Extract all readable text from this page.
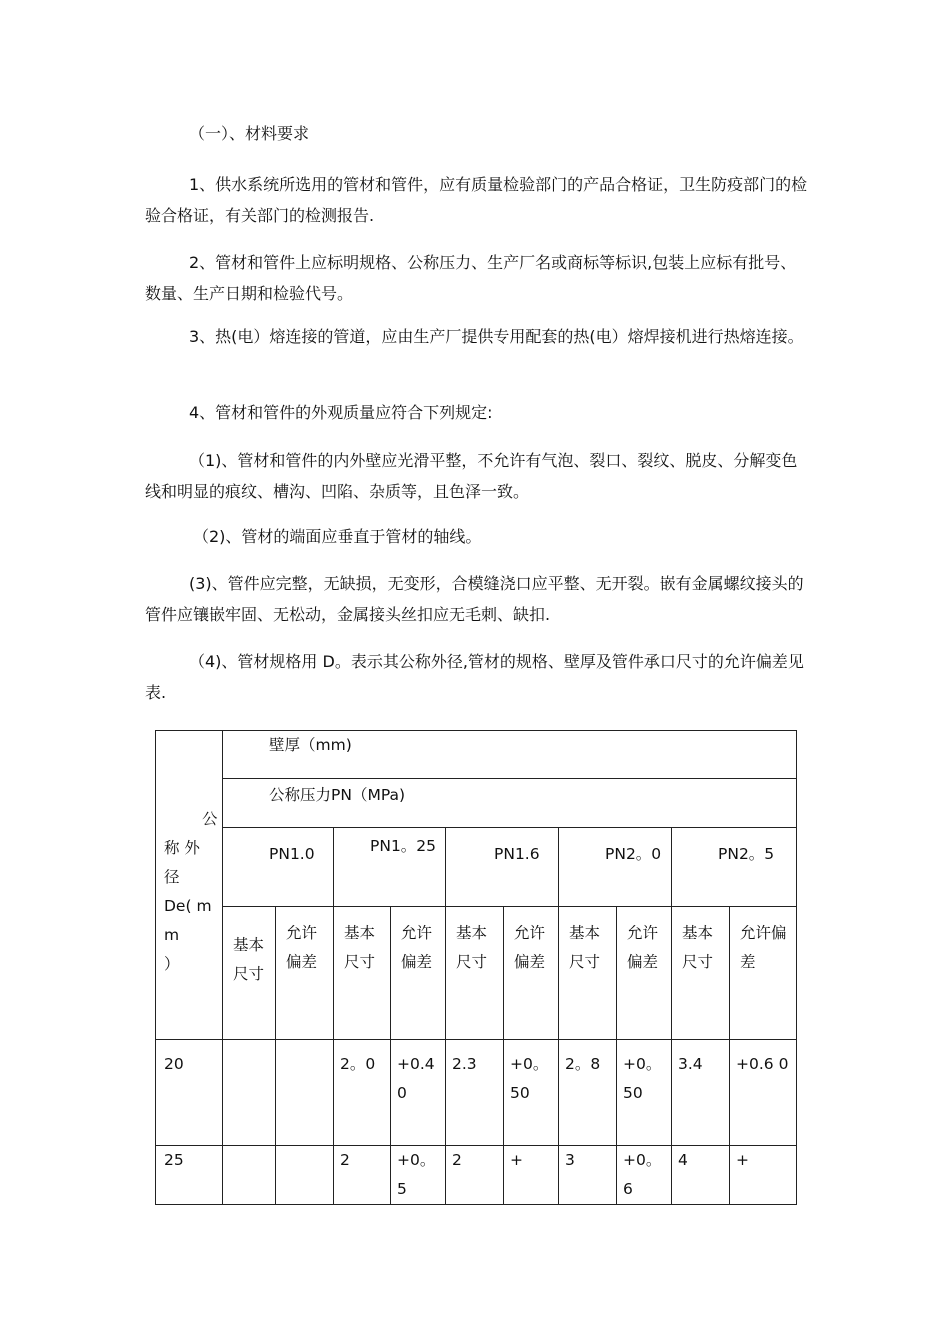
（一）、材料要求

1、供水系统所选用的管材和管件，应有质量检验部门的产品合格证，卫生防疫部门的检验合格证，有关部门的检测报告.

2、管材和管件上应标明规格、公称压力、生产厂名或商标等标识,包装上应标有批号、数量、生产日期和检验代号。

3、热(电）熔连接的管道，应由生产厂提供专用配套的热(电）熔焊接机进行热熔连接。

4、管材和管件的外观质量应符合下列规定:

（1)、管材和管件的内外壁应光滑平整，不允许有气泡、裂口、裂纹、脱皮、分解变色线和明显的痕纹、槽沟、凹陷、杂质等，且色泽一致。

（2)、管材的端面应垂直于管材的轴线。

(3)、管件应完整，无缺损，无变形，合模缝浇口应平整、无开裂。嵌有金属螺纹接头的管件应镶嵌牢固、无松动，金属接头丝扣应无毛刺、缺扣.

（4)、管材规格用 D。表示其公称外径,管材的规格、壁厚及管件承口尺寸的允许偏差见表.

公
称 外
径
De( mm
）	壁厚（mm)									

	公称压力PN（MPa)									

	PN1.0		PN1。25		PN1.6		PN2。0		PN2。5	

	基本尺寸	允许偏差	基本尺寸	允许偏差	基本尺寸	允许偏差	基本尺寸	允许偏差	基本尺寸	允许偏差

20			2。0	+0.4 0	2.3	+0。50	2。8	+0。50	3.4	+0.6 0

25			2	+0。5	2	+	3	+0。6	4	+
